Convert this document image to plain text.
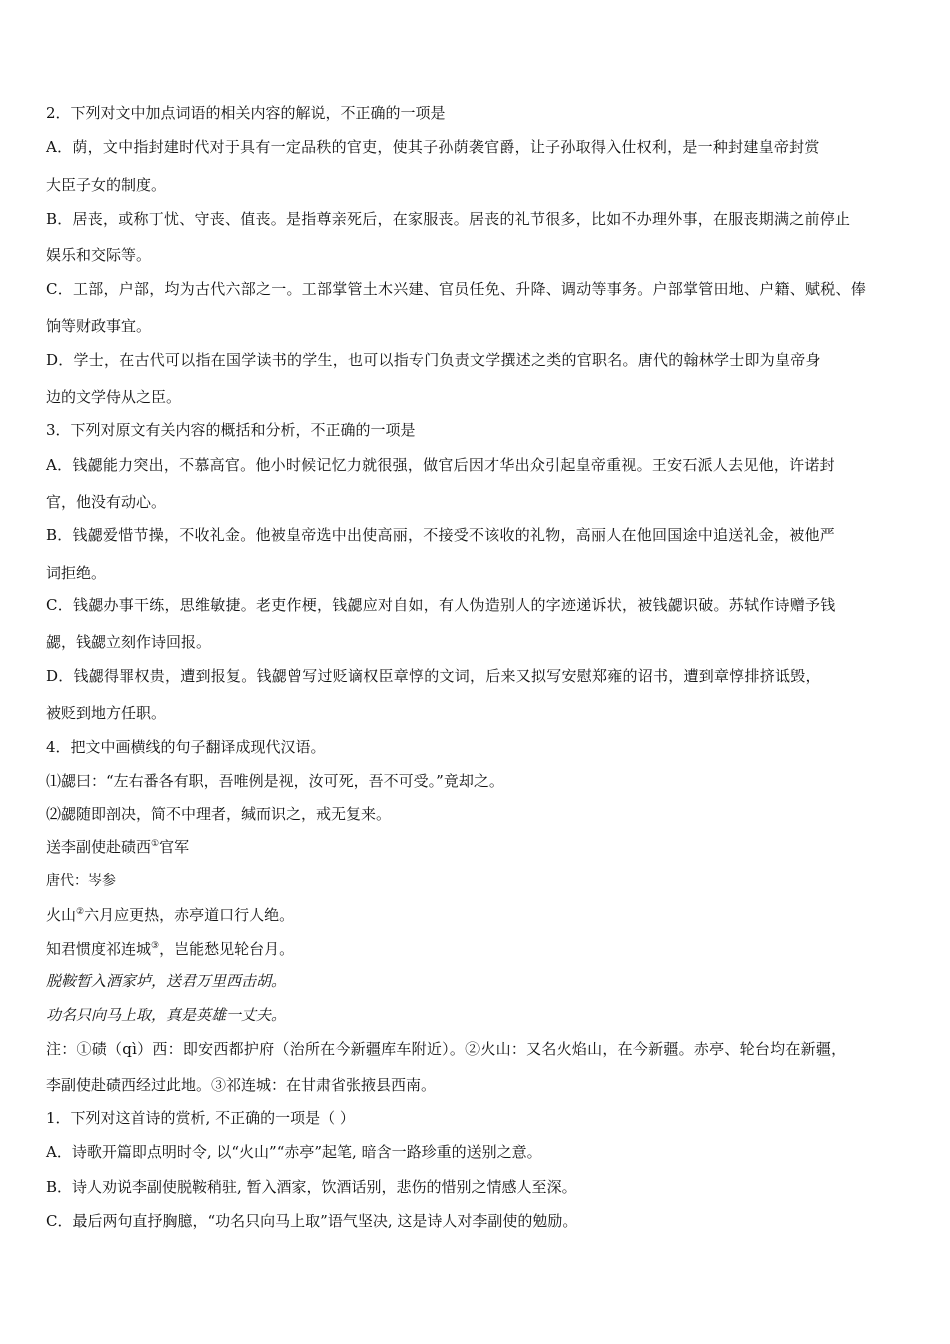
2．下列对文中加点词语的相关内容的解说，不正确的一项是
A．荫，文中指封建时代对于具有一定品秩的官吏，使其子孙荫袭官爵，让子孙取得入仕权利，是一种封建皇帝封赏
大臣子女的制度。
B．居丧，或称丁忧、守丧、值丧。是指尊亲死后，在家服丧。居丧的礼节很多，比如不办理外事，在服丧期满之前停止
娱乐和交际等。
C．工部，户部，均为古代六部之一。工部掌管土木兴建、官员任免、升降、调动等事务。户部掌管田地、户籍、赋税、俸
饷等财政事宜。
D．学士，在古代可以指在国学读书的学生，也可以指专门负责文学撰述之类的官职名。唐代的翰林学士即为皇帝身
边的文学侍从之臣。
3．下列对原文有关内容的概括和分析，不正确的一项是
A．钱勰能力突出，不慕高官。他小时候记忆力就很强，做官后因才华出众引起皇帝重视。王安石派人去见他，许诺封
官，他没有动心。
B．钱勰爱惜节操，不收礼金。他被皇帝选中出使高丽，不接受不该收的礼物，高丽人在他回国途中追送礼金，被他严
词拒绝。
C．钱勰办事干练，思维敏捷。老吏作梗，钱勰应对自如，有人伪造别人的字迹递诉状，被钱勰识破。苏轼作诗赠予钱
勰，钱勰立刻作诗回报。
D．钱勰得罪权贵，遭到报复。钱勰曾写过贬谪权臣章惇的文词，后来又拟写安慰郑雍的诏书，遭到章惇排挤诋毁，
被贬到地方任职。
4．把文中画横线的句子翻译成现代汉语。
⑴勰曰：“左右番各有职，吾唯例是视，汝可死，吾不可受。”竟却之。
⑵勰随即剖决，简不中理者，缄而识之，戒无复来。
送李副使赴碛西①官军
唐代：岑参
火山②六月应更热，赤亭道口行人绝。
知君惯度祁连城③，岂能愁见轮台月。
脱鞍暂入酒家垆，送君万里西击胡。
功名只向马上取，真是英雄一丈夫。
注：①碛（qì）西：即安西都护府（治所在今新疆库车附近）。②火山：又名火焰山，在今新疆。赤亭、轮台均在新疆，
李副使赴碛西经过此地。③祁连城：在甘肃省张掖县西南。
1．下列对这首诗的赏析, 不正确的一项是（ ）
A．诗歌开篇即点明时令, 以“火山”“赤亭”起笔, 暗含一路珍重的送别之意。
B．诗人劝说李副使脱鞍稍驻, 暂入酒家，饮酒话别，悲伤的惜别之情感人至深。
C．最后两句直抒胸臆，“功名只向马上取”语气坚决, 这是诗人对李副使的勉励。
